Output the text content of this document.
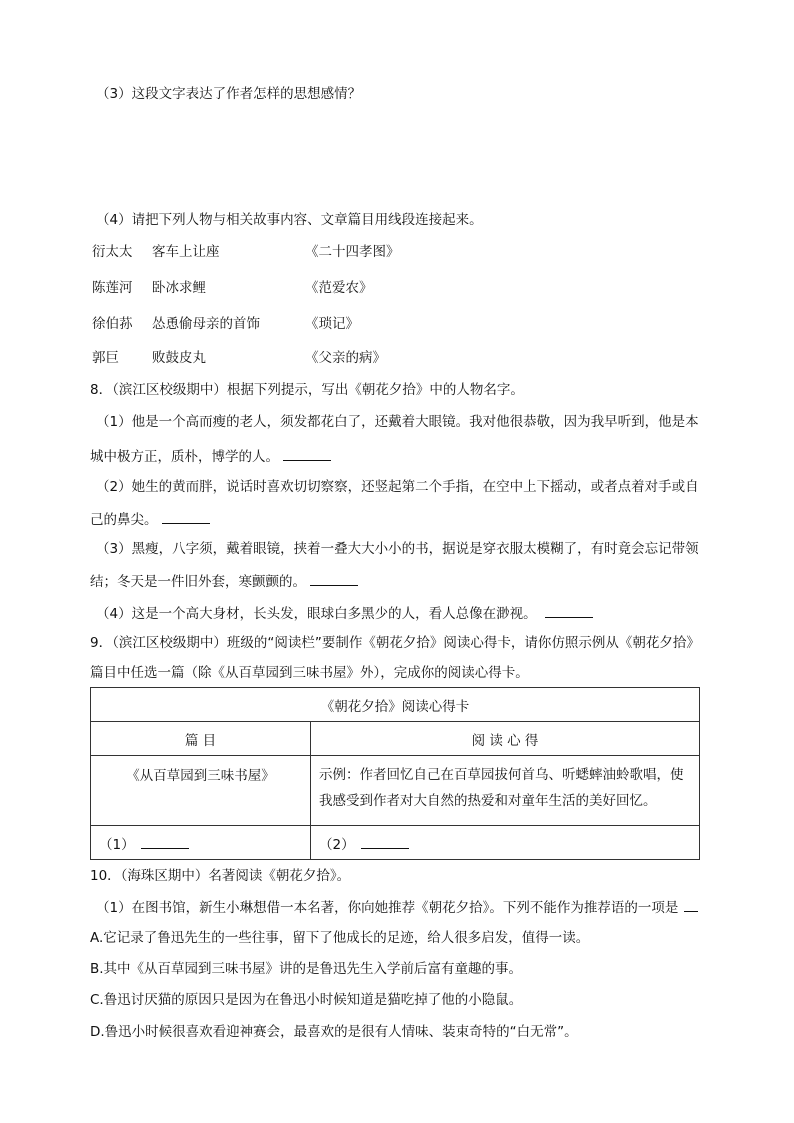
（3）这段文字表达了作者怎样的思想感情？
（4）请把下列人物与相关故事内容、文章篇目用线段连接起来。
衍太太 客车上让座	《二十四孝图》
陈莲河 卧冰求鲤	《范爱农》
徐伯荪 怂恿偷母亲的首饰	《琐记》
郭巨 败鼓皮丸	《父亲的病》
8．（滨江区校级期中）根据下列提示，写出《朝花夕拾》中的人物名字。
（1）他是一个高而瘦的老人，须发都花白了，还戴着大眼镜。我对他很恭敬，因为我早听到，他是本
城中极方正，质朴，博学的人。
（2）她生的黄而胖，说话时喜欢切切察察，还竖起第二个手指，在空中上下摇动，或者点着对手或自
己的鼻尖。
（3）黑瘦，八字须，戴着眼镜，挟着一叠大大小小的书，据说是穿衣服太模糊了，有时竟会忘记带领
结；冬天是一件旧外套，寒颤颤的。
（4）这是一个高大身材，长头发，眼球白多黑少的人，看人总像在渺视。
9．（滨江区校级期中）班级的“阅读栏”要制作《朝花夕拾》阅读心得卡，请你仿照示例从《朝花夕拾》
篇目中任选一篇（除《从百草园到三味书屋》外），完成你的阅读心得卡。
《朝花夕拾》阅读心得卡	
篇 目	阅 读 心 得
《从百草园到三味书屋》	示例：作者回忆自己在百草园拔何首乌、听蟋蟀油蛉歌唱，使
我感受到作者对大自然的热爱和对童年生活的美好回忆。

（1）	（2）
10．（海珠区期中）名著阅读《朝花夕拾》。
（1）在图书馆，新生小琳想借一本名著，你向她推荐《朝花夕拾》。下列不能作为推荐语的一项是
A.它记录了鲁迅先生的一些往事，留下了他成长的足迹，给人很多启发，值得一读。
B.其中《从百草园到三味书屋》讲的是鲁迅先生入学前后富有童趣的事。
C.鲁迅讨厌猫的原因只是因为在鲁迅小时候知道是猫吃掉了他的小隐鼠。
D.鲁迅小时候很喜欢看迎神赛会，最喜欢的是很有人情味、装束奇特的“白无常”。
